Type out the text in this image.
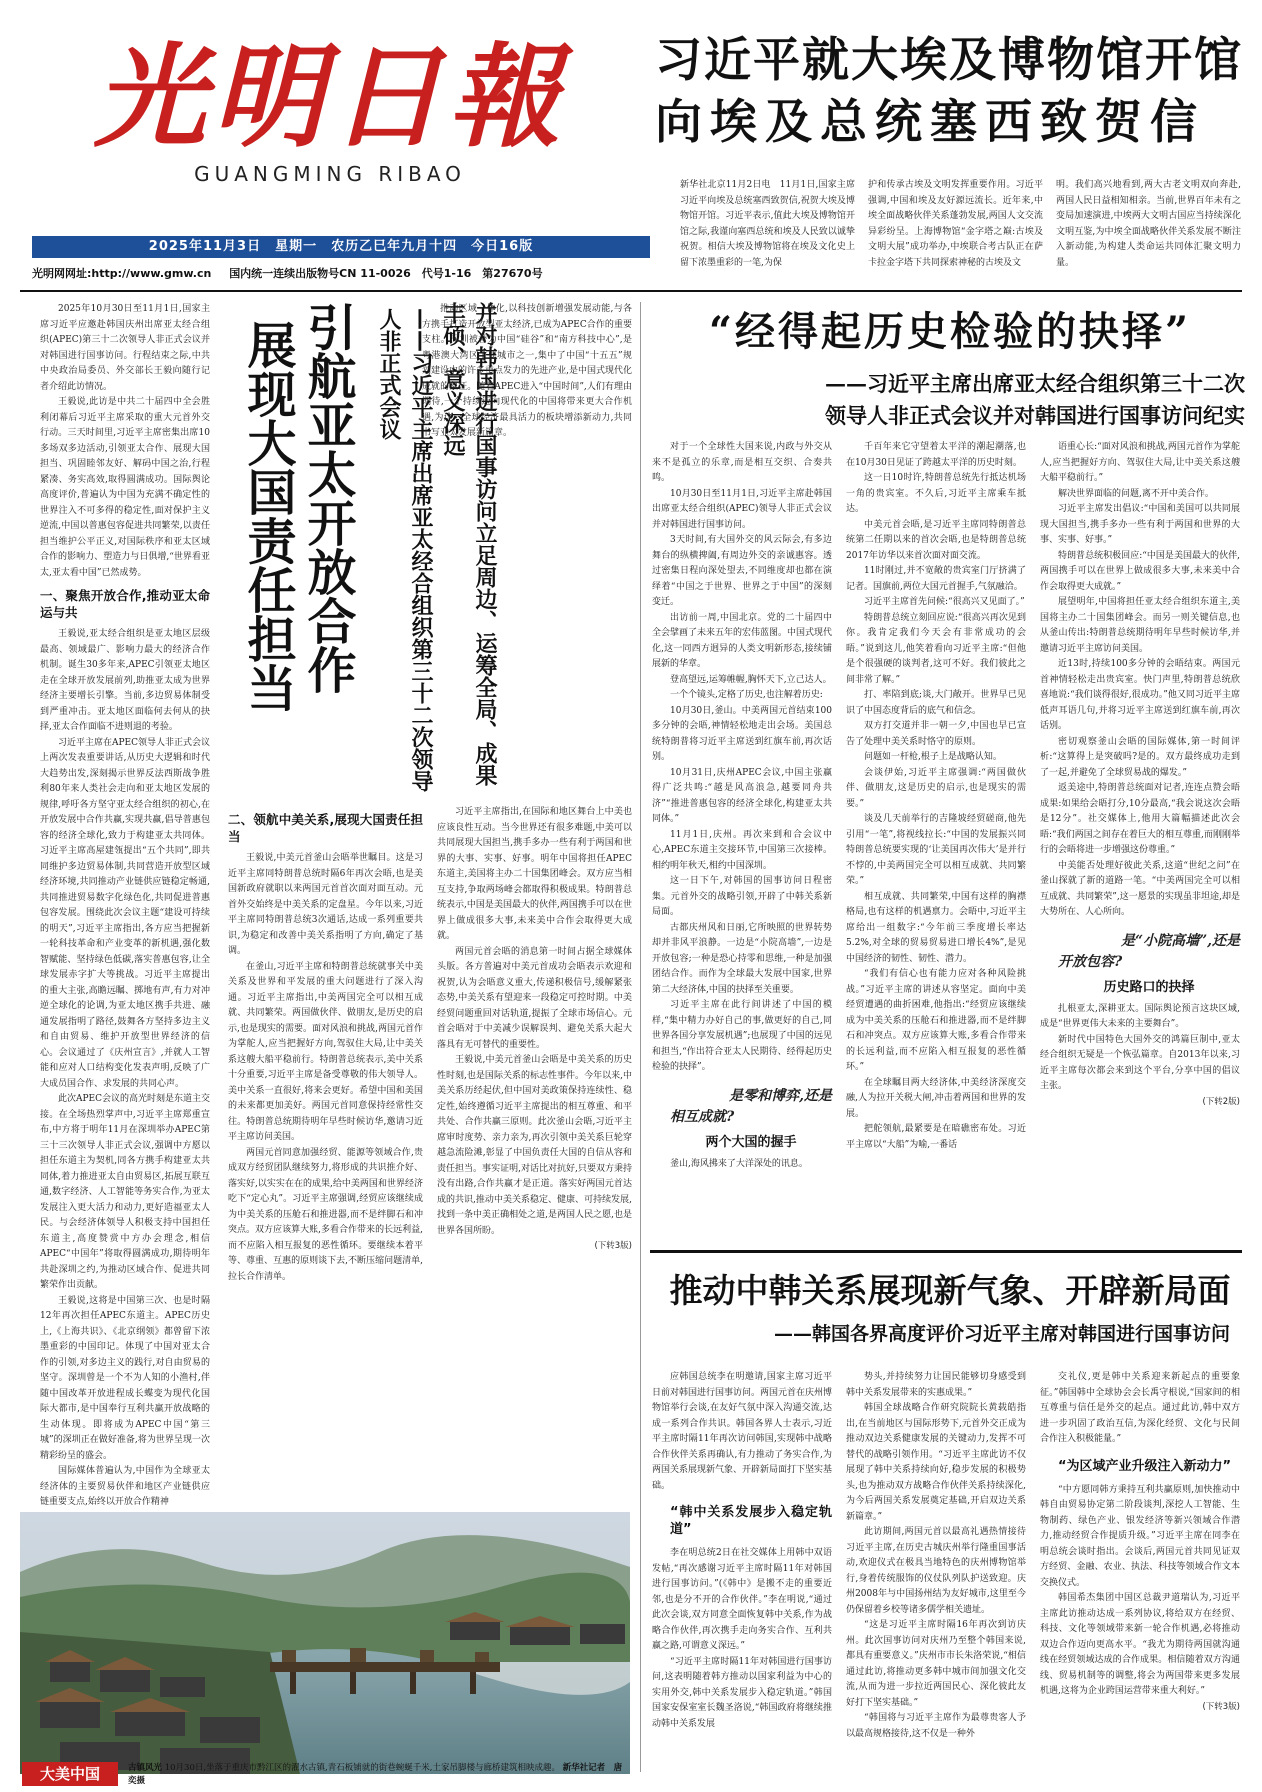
光明日報
GUANGMING RIBAO
2025年11月3日　星期一　农历乙巳年九月十四　今日16版
光明网网址:http://www.gmw.cn 国内统一连续出版物号CN 11-0026　代号1-16　第27670号
习近平就大埃及博物馆开馆
向埃及总统塞西致贺信

新华社北京11月2日电　11月1日,国家主席习近平向埃及总统塞西致贺信,祝贺大埃及博物馆开馆。习近平表示,值此大埃及博物馆开馆之际,我谨向塞西总统和埃及人民致以诚挚祝贺。相信大埃及博物馆将在埃及文化史上留下浓墨重彩的一笔,为保

护和传承古埃及文明发挥重要作用。习近平强调,中国和埃及友好源远流长。近年来,中埃全面战略伙伴关系蓬勃发展,两国人文交流异彩纷呈。上海博物馆“金字塔之巅:古埃及文明大展”成功举办,中埃联合考古队正在萨卡拉金字塔下共同探索神秘的古埃及文

明。我们高兴地看到,两大古老文明双向奔赴,两国人民日益相知相亲。当前,世界百年未有之变局加速演进,中埃两大文明古国应当持续深化文明互鉴,为中埃全面战略伙伴关系发展不断注入新动能,为构建人类命运共同体汇聚文明力量。

2025年10月30日至11月1日,国家主席习近平应邀赴韩国庆州出席亚太经合组织(APEC)第三十二次领导人非正式会议并对韩国进行国事访问。行程结束之际,中共中央政治局委员、外交部长王毅向随行记者介绍此访情况。

王毅说,此访是中共二十届四中全会胜利闭幕后习近平主席采取的重大元首外交行动。三天时间里,习近平主席密集出席10多场双多边活动,引领亚太合作、展现大国担当、巩固睦邻友好、解码中国之治,行程紧凑、务实高效,取得圆满成功。国际舆论高度评价,普遍认为中国为充满不确定性的世界注入不可多得的稳定性,面对保护主义逆流,中国以普惠包容促进共同繁荣,以责任担当维护公平正义,对国际秩序和亚太区域合作的影响力、塑造力与日俱增,“世界看亚太,亚太看中国”已然成势。

一、聚焦开放合作,推动亚太命运与共

王毅说,亚太经合组织是亚太地区层级最高、领域最广、影响力最大的经济合作机制。诞生30多年来,APEC引领亚太地区走在全球开放发展前列,助推亚太成为世界经济主要增长引擎。当前,多边贸易体制受到严重冲击。亚太地区面临何去何从的抉择,亚太合作面临不进则退的考验。

习近平主席在APEC领导人非正式会议上两次发表重要讲话,从历史大逻辑和时代大趋势出发,深刻揭示世界反法西斯战争胜利80年来人类社会走向和亚太地区发展的规律,呼吁各方坚守亚太经合组织的初心,在开放发展中合作共赢,实现共赢,倡导普惠包容的经济全球化,致力于构建亚太共同体。习近平主席高屋建瓴提出“五个共同”,即共同维护多边贸易体制,共同营造开放型区域经济环境,共同推动产业链供应链稳定畅通,共同推进贸易数字化绿色化,共同促进普惠包容发展。围绕此次会议主题“建设可持续的明天”,习近平主席指出,各方应当把握新一轮科技革命和产业变革的新机遇,强化数智赋能、坚持绿色低碳,落实普惠包容,让全球发展赤字扩大等挑战。习近平主席提出的重大主张,高瞻远瞩、掷地有声,有力对冲逆全球化的论调,为亚太地区携手共进、融通发展指明了路径,鼓舞各方坚持多边主义和自由贸易、维护开放型世界经济的信心。会议通过了《庆州宣言》,并就人工智能和应对人口结构变化发表声明,反映了广大成员国合作、求发展的共同心声。

此次APEC会议的高光时刻是东道主交接。在全场热烈掌声中,习近平主席郑重宣布,中方将于明年11月在深圳举办APEC第三十三次领导人非正式会议,强调中方愿以担任东道主为契机,同各方携手构建亚太共同体,着力推进亚太自由贸易区,拓展互联互通,数字经济、人工智能等务实合作,为亚太发展注入更大活力和动力,更好造福亚太人民。与会经济体领导人积极支持中国担任东道主,高度赞赏中方办会理念,相信APEC“中国年”将取得圆满成功,期待明年共赴深圳之约,为推动区域合作、促进共同繁荣作出贡献。

王毅说,这将是中国第三次、也是时隔12年再次担任APEC东道主。APEC历史上,《上海共识》、《北京纲领》都曾留下浓墨重彩的中国印记。体现了中国对亚太合作的引领,对多边主义的践行,对自由贸易的坚守。深圳曾是一个不为人知的小渔村,伴随中国改革开放进程成长蝶变为现代化国际大都市,是中国奉行互利共赢开放战略的生动体现。即将成为APEC中国“第三城”的深圳正在做好准备,将为世界呈现一次精彩纷呈的盛会。

国际媒体普遍认为,中国作为全球亚太经济体的主要贸易伙伴和地区产业链供应链重要支点,始终以开放合作精神

引航亚太开放合作
展现大国责任担当	并对韩国进行国事访问立足周边、运筹全局、成果丰硕、意义深远
——习近平主席出席亚太经合组织第三十二次领导人非正式会议	推动区域一体化,以科技创新增强发展动能,与各方携手打造开放型亚太经济,已成为APEC合作的重要支柱。深圳被誉为中国“硅谷”和“南方科技中心”,是粤港澳大湾区主要城市之一,集中了中国“十五五”规划建设中的许多重点发力的先进产业,是中国式现代化成就的象征。随着APEC进入“中国时间”,人们有理由期待,一个持续迈向现代化的中国将带来更大合作机遇,为这一全球经济最具活力的板块增添新动力,共同书写亚太发展新篇章。

二、领航中美关系,展现大国责任担当

王毅说,中美元首釜山会晤举世瞩目。这是习近平主席同特朗普总统时隔6年再次会晤,也是美国新政府就职以来两国元首首次面对面互动。元首外交始终是中美关系的定盘星。今年以来,习近平主席同特朗普总统3次通话,达成一系列重要共识,为稳定和改善中美关系指明了方向,确定了基调。

在釜山,习近平主席和特朗普总统就事关中美关系及世界和平发展的重大问题进行了深入沟通。习近平主席指出,中美两国完全可以相互成就、共同繁荣。两国做伙伴、做朋友,是历史的启示,也是现实的需要。面对风浪和挑战,两国元首作为掌舵人,应当把握好方向,驾驭住大局,让中美关系这艘大船平稳前行。特朗普总统表示,美中关系十分重要,习近平主席是备受尊敬的伟大领导人。美中关系一直很好,将来会更好。希望中国和美国的未来都更加美好。两国元首同意保持经常性交往。特朗普总统期待明年早些时候访华,邀请习近平主席访问美国。

两国元首同意加强经贸、能源等领域合作,贵成双方经贸团队继续努力,将形成的共识推介好、落实好,以实实在在的成果,给中美两国和世界经济吃下“定心丸”。习近平主席强调,经贸应该继续成为中美关系的压舱石和推进器,而不是绊脚石和冲突点。双方应该算大账,多看合作带来的长远利益,而不应陷入相互报复的恶性循环。要继续本着平等、尊重、互惠的原则谈下去,不断压缩问题清单,拉长合作清单。

习近平主席指出,在国际和地区舞台上中美也应该良性互动。当今世界还有很多难题,中美可以共同展现大国担当,携手多办一些有利于两国和世界的大事、实事、好事。明年中国将担任APEC东道主,美国将主办二十国集团峰会。双方应当相互支持,争取两场峰会都取得积极成果。特朗普总统表示,中国是美国最大的伙伴,两国携手可以在世界上做成很多大事,未来美中合作会取得更大成就。

两国元首会晤的消息第一时间占据全球媒体头版。各方普遍对中美元首成功会晤表示欢迎和祝贺,认为会晤意义重大,传递积极信号,缓解紧张态势,中美关系有望迎来一段稳定可控时期。中美经贸问题重回对话轨道,提振了全球市场信心。元首会晤对于中美减少误解误判、避免关系大起大落具有无可替代的重要性。

王毅说,中美元首釜山会晤是中美关系的历史性时刻,也是国际关系的标志性事件。今年以来,中美关系历经起伏,但中国对美政策保持连续性、稳定性,始终遵循习近平主席提出的相互尊重、和平共处、合作共赢三原则。此次釜山会晤,习近平主席审时度势、亲力亲为,再次引领中美关系巨轮穿越急流险滩,彰显了中国负责任大国的自信从容和责任担当。事实证明,对话比对抗好,只要双方秉持没有出路,合作共赢才是正道。落实好两国元首达成的共识,推动中美关系稳定、健康、可持续发展,找到一条中美正确相处之道,是两国人民之愿,也是世界各国所盼。

(下转3版)
大美中国	古镇风光 10月30日,坐落于重庆市黔江区的濯水古镇,青石板铺就的街巷蜿蜒千米,土家吊脚楼与廊桥建筑相映成趣。 新华社记者　唐奕摄
“经得起历史检验的抉择”
——习近平主席出席亚太经合组织第三十二次
领导人非正式会议并对韩国进行国事访问纪实

对于一个全球性大国来说,内政与外交从来不是孤立的乐章,而是相互交织、合奏共鸣。

10月30日至11月1日,习近平主席赴韩国出席亚太经合组织(APEC)领导人非正式会议并对韩国进行国事访问。

3天时间,有大国外交的风云际会,有多边舞台的纵横捭阖,有周边外交的亲诚惠容。透过密集日程向深处望去,不同维度却也都在演绎着“中国之于世界、世界之于中国”的深刻变迁。

出访前一周,中国北京。党的二十届四中全会擘画了未来五年的宏伟蓝图。中国式现代化,这一同西方迥异的人类文明新形态,接续铺展新的华章。

登高望远,运筹帷幄,胸怀天下,立己达人。

一个个镜头,定格了历史,也注解着历史:

10月30日,釜山。中美两国元首结束100多分钟的会晤,神情轻松地走出会场。美国总统特朗普将习近平主席送到红旗车前,再次话别。

10月31日,庆州APEC会议,中国主张赢得广泛共鸣:“越是风高浪急,越要同舟共济”“推进普惠包容的经济全球化,构建亚太共同体。”

11月1日,庆州。再次来到和合会议中心,APEC东道主交接环节,中国第三次接棒。相约明年秋天,相约中国深圳。

这一日下午,对韩国的国事访问日程密集。元首外交的战略引领,开辟了中韩关系新局面。

古都庆州风和日丽,它所映照的世界转势却并非风平浪静。一边是“小院高墙”,一边是开放包容;一种是恐心持零和思维,一种是加强团结合作。而作为全球最大发展中国家,世界第二大经济体,中国的抉择至关重要。

习近平主席在此行间讲述了中国的模样,“集中精力办好自己的事,做更好的自己,同世界各国分享发展机遇”;也展现了中国的远见和担当,“作出符合亚太人民期待、经得起历史检验的抉择”。

是零和博弈,还是
相互成就?
两个大国的握手

釜山,海风拂来了大洋深处的讯息。

千百年来它守望着太平洋的潮起潮落,也在10月30日见证了跨越太平洋的历史时刻。

这一日10时许,特朗普总统先行抵达机场一角的贵宾室。不久后,习近平主席乘车抵达。

中美元首会晤,是习近平主席同特朗普总统第二任期以来的首次会晤,也是特朗普总统2017年访华以来首次面对面交流。

11时刚过,并不宽敞的贵宾室门厅挤满了记者。国旗前,两位大国元首握手,气氛融洽。

习近平主席首先问候:“很高兴又见面了。”

特朗普总统立刻回应说:“很高兴再次见到你。我肯定我们今天会有非常成功的会晤。”说到这儿,他笑着看向习近平主席:“但他是个很强硬的谈判者,这可不好。我们彼此之间非常了解。”

打、率陪到底;谈,大门敞开。世界早已见识了中国态度背后的底气和信念。

双方打交道并非一朝一夕,中国也早已宣告了处理中美关系时恪守的原则。

问题如一杆枪,根子上是战略认知。

会谈伊始,习近平主席强调:“两国做伙伴、做朋友,这是历史的启示,也是现实的需要。”

谈及几天前举行的吉隆坡经贸磋商,他先引用“一笔”,将视线拉长:“中国的发展振兴同特朗普总统要实现的‘让美国再次伟大’是并行不悖的,中美两国完全可以相互成就、共同繁荣。”

相互成就、共同繁荣,中国有这样的胸襟格局,也有这样的机遇禀力。会晤中,习近平主席给出一组数字:“今年前三季度增长率达5.2%,对全球的贸易贸易进口增长4%”,是见中国经济的韧性、韧性、潜力。

“我们有信心也有能力应对各种风险挑战。”习近平主席的讲述从容坚定。面向中美经贸遭遇的曲折困难,他指出:“经贸应该继续成为中美关系的压舱石和推进器,而不是绊脚石和冲突点。双方应该算大账,多看合作带来的长远利益,而不应陷入相互报复的恶性循环。”

在全球瞩目两大经济体,中美经济深度交融,人为拉开关税大闸,冲击着两国和世界的发展。

把舵领航,最紧要是在暗礁密布处。习近平主席以“大船”为喻,一番话

语重心长:“面对风浪和挑战,两国元首作为掌舵人,应当把握好方向、驾驭住大局,让中美关系这艘大船平稳前行。”

解决世界面临的问题,离不开中美合作。

习近平主席发出倡议:“中国和美国可以共同展现大国担当,携手多办一些有利于两国和世界的大事、实事、好事。”

特朗普总统积极回应:“中国是美国最大的伙伴,两国携手可以在世界上做成很多大事,未来美中合作会取得更大成就。”

展望明年,中国将担任亚太经合组织东道主,美国将主办二十国集团峰会。而另一则关键信息,也从釜山传出:特朗普总统期待明年早些时候访华,并邀请习近平主席访问美国。

近13时,持续100多分钟的会晤结束。两国元首神情轻松走出贵宾室。快门声里,特朗普总统欣喜地说:“我们谈得很好,很成功。”他又同习近平主席低声耳语几句,并将习近平主席送到红旗车前,再次话别。

密切观察釜山会晤的国际媒体,第一时间评析:“这算得上是突破吗?是的。双方最终成功走到了一起,并避免了全球贸易战的爆发。”

返美途中,特朗普总统面对记者,连连点赞会晤成果:如果给会晤打分,10分最高,“我会说这次会晤是12分”。社交媒体上,他用大篇幅描述此次会晤:“我们两国之间存在着巨大的相互尊重,而刚刚举行的会晤将进一步增强这份尊重。”

中美能否处理好彼此关系,这道“世纪之问”在釜山探就了新的道路一笔。“中美两国完全可以相互成就、共同繁荣”,这一愿景的实现虽非坦途,却是大势所在、人心所向。

是“小院高墙”,还是
开放包容?
历史路口的抉择

扎根亚太,深耕亚太。国际舆论预言这块区域,成是“世界更伟大未来的主要舞台”。

新时代中国特色大国外交的鸿篇巨制中,亚太经合组织无疑是一个恢弘篇章。自2013年以来,习近平主席每次都会来到这个平台,分享中国的倡议主张。

(下转2版)
推动中韩关系展现新气象、开辟新局面
——韩国各界高度评价习近平主席对韩国进行国事访问

应韩国总统李在明邀请,国家主席习近平日前对韩国进行国事访问。两国元首在庆州博物馆举行会谈,在友好气氛中深入沟通交流,达成一系列合作共识。韩国各界人士表示,习近平主席时隔11年再次访问韩国,实现韩中战略合作伙伴关系再确认,有力推动了务实合作,为两国关系展现新气象、开辟新局面打下坚实基础。

“韩中关系发展步入稳定轨道”

李在明总统2日在社交媒体上用韩中双语发帖,“再次感谢习近平主席时隔11年对韩国进行国事访问。”(《韩中》是搬不走的重要近邻,也是分不开的合作伙伴。”李在明说,“通过此次会谈,双方同意全面恢复韩中关系,作为战略合作伙伴,再次携手走向务实合作、互利共赢之路,可谓意义深远。”

“习近平主席时隔11年对韩国进行国事访问,这表明随着韩方推动以国家利益为中心的实用外交,韩中关系发展步入稳定轨道。”韩国国家安保室室长魏圣洛说,“韩国政府将继续推动韩中关系发展

势头,并持续努力让国民能够切身感受到韩中关系发展带来的实惠成果。”

韩国全球战略合作研究院院长黄载皓指出,在当前地区与国际形势下,元首外交正成为推动双边关系健康发展的关键动力,发挥不可替代的战略引领作用。“习近平主席此访不仅展现了韩中关系持续向好,稳步发展的积极势头,也为推动双方战略合作伙伴关系持续深化,为今后两国关系发展奠定基础,开启双边关系新篇章。”

此访期间,两国元首以最高礼遇热情接待习近平主席,在历史古城庆州举行隆重国事活动,欢迎仪式在极具当地特色的庆州博物馆举行,身着传统服饰的仪仗队列队护送致迎。庆州2008年与中国扬州结为友好城市,这里至今仍保留着乡校等诸多儒学相关遗址。

“这是习近平主席时隔16年再次到访庆州。此次国事访问对庆州乃至整个韩国来说,都具有重要意义。”庆州市市长朱洛荣说,“相信通过此访,将推动更多韩中城市间加强文化交流,从而为进一步拉近两国民心、深化彼此友好打下坚实基础。”

“韩国将与习近平主席作为最尊贵客人予以最高规格接待,这不仅是一种外

交礼仪,更是韩中关系迎来新起点的重要象征。”韩国韩中全球协会会长禹守根说,“国家间的相互尊重与信任是外交的起点。通过此访,韩中双方进一步巩固了政治互信,为深化经贸、文化与民间合作注入积极能量。”

“为区域产业升级注入新动力”

“中方愿同韩方秉持互利共赢原则,加快推动中韩自由贸易协定第二阶段谈判,深挖人工智能、生物制药、绿色产业、银发经济等新兴领域合作潜力,推动经贸合作提质升级。”习近平主席在同李在明总统会谈时指出。会谈后,两国元首共同见证双方经贸、金融、农业、执法、科技等领域合作文本交换仪式。

韩国希杰集团中国区总裁尹道瑞认为,习近平主席此访推动达成一系列协议,将给双方在经贸、科技、文化等领域带来新一轮合作机遇,必将推动双边合作迈向更高水平。“我尤为期待两国就沟通线在经贸领域达成的合作成果。相信随着双方沟通线、贸易机制等的调整,将会为两国带来更多发展机遇,这将为企业跨国运营带来重大利好。”

(下转3版)
